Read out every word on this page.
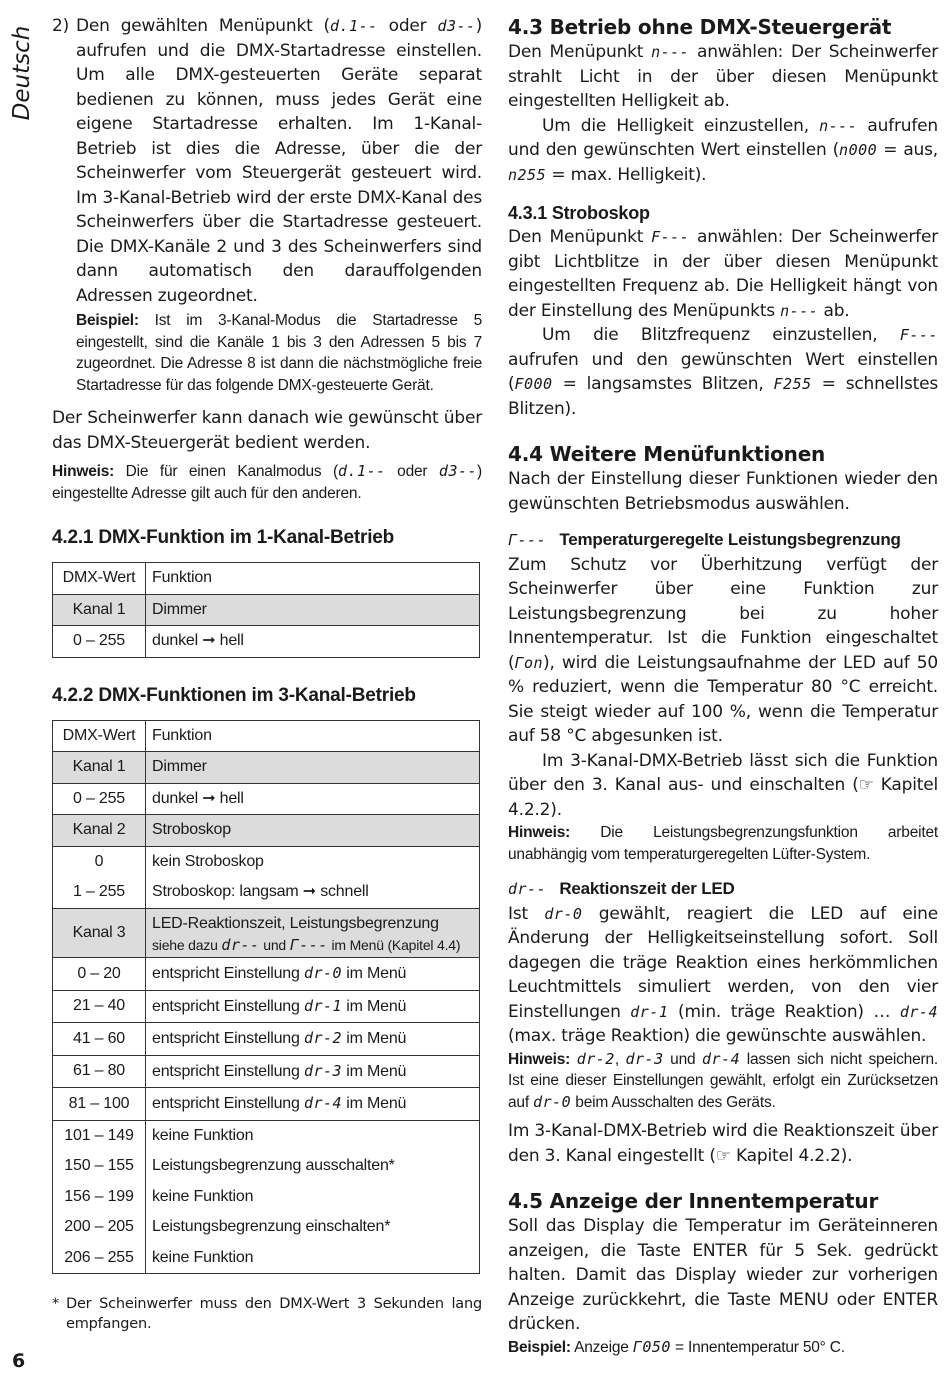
Deutsch
6
2) Den gewählten Menüpunkt (d.1-- oder d3--) aufrufen und die DMX-Startadresse einstellen. Um alle DMX-gesteuerten Geräte separat bedienen zu können, muss jedes Gerät eine eigene Startadresse erhalten. Im 1-Kanal-Betrieb ist dies die Adresse, über die der Scheinwerfer vom Steuergerät gesteuert wird. Im 3-Kanal-Betrieb wird der erste DMX-Kanal des Scheinwerfers über die Startadresse gesteuert. Die DMX-Kanäle 2 und 3 des Scheinwerfers sind dann automatisch den darauffolgenden Adressen zugeordnet.
Beispiel: Ist im 3-Kanal-Modus die Startadresse 5 eingestellt, sind die Kanäle 1 bis 3 den Adressen 5 bis 7 zugeordnet. Die Adresse 8 ist dann die nächstmögliche freie Startadresse für das folgende DMX-gesteuerte Gerät.

Der Scheinwerfer kann danach wie gewünscht über das DMX-Steuergerät bedient werden.

Hinweis: Die für einen Kanalmodus (d.1-- oder d3--) eingestellte Adresse gilt auch für den anderen.
4.2.1 DMX-Funktion im 1-Kanal-Betrieb
DMX-Wert	Funktion
Kanal 1	Dimmer
0 – 255	dunkel ➞ hell
4.2.2 DMX-Funktionen im 3-Kanal-Betrieb
DMX-Wert	Funktion
Kanal 1	Dimmer
0 – 255	dunkel ➞ hell
Kanal 2	Stroboskop
0	kein Stroboskop
1 – 255	Stroboskop: langsam ➞ schnell
Kanal 3	LED-Reaktionszeit, Leistungsbegrenzung
siehe dazu dr-- und Γ--- im Menü (Kapitel 4.4)

0 – 20	entspricht Einstellung dr-0 im Menü
21 – 40	entspricht Einstellung dr-1 im Menü
41 – 60	entspricht Einstellung dr-2 im Menü
61 – 80	entspricht Einstellung dr-3 im Menü
81 – 100	entspricht Einstellung dr-4 im Menü
101 – 149	keine Funktion
150 – 155	Leistungsbegrenzung ausschalten*
156 – 199	keine Funktion
200 – 205	Leistungsbegrenzung einschalten*
206 – 255	keine Funktion
* Der Scheinwerfer muss den DMX-Wert 3 Sekunden lang empfangen.
4.3 Betrieb ohne DMX-Steuergerät

Den Menüpunkt n--- anwählen: Der Scheinwerfer strahlt Licht in der über diesen Menüpunkt eingestellten Helligkeit ab.

Um die Helligkeit einzustellen, n--- aufrufen und den gewünschten Wert einstellen (n000 = aus, n255 = max. Helligkeit).

4.3.1 Stroboskop

Den Menüpunkt F--- anwählen: Der Scheinwerfer gibt Lichtblitze in der über diesen Menüpunkt eingestellten Frequenz ab. Die Helligkeit hängt von der Einstellung des Menüpunkts n--- ab.

Um die Blitzfrequenz einzustellen, F--- aufrufen und den gewünschten Wert einstellen (F000 = langsamstes Blitzen, F255 = schnellstes Blitzen).

4.4 Weitere Menüfunktionen

Nach der Einstellung dieser Funktionen wieder den gewünschten Betriebsmodus auswählen.

Γ--- Temperaturgeregelte Leistungsbegrenzung

Zum Schutz vor Überhitzung verfügt der Scheinwerfer über eine Funktion zur Leistungsbegrenzung bei zu hoher Innentemperatur. Ist die Funktion eingeschaltet (Γon), wird die Leistungsaufnahme der LED auf 50 % reduziert, wenn die Temperatur 80 °C erreicht. Sie steigt wieder auf 100 %, wenn die Temperatur auf 58 °C abgesunken ist.

Im 3-Kanal-DMX-Betrieb lässt sich die Funktion über den 3. Kanal aus- und einschalten (☞ Kapitel 4.2.2).

Hinweis: Die Leistungsbegrenzungsfunktion arbeitet unabhängig vom temperaturgeregelten Lüfter-System.
dr-- Reaktionszeit der LED

Ist dr-0 gewählt, reagiert die LED auf eine Änderung der Helligkeitseinstellung sofort. Soll dagegen die träge Reaktion eines herkömmlichen Leuchtmittels simuliert werden, von den vier Einstellungen dr-1 (min. träge Reaktion) … dr-4 (max. träge Reaktion) die gewünschte auswählen.

Hinweis: dr-2, dr-3 und dr-4 lassen sich nicht speichern. Ist eine dieser Einstellungen gewählt, erfolgt ein Zurücksetzen auf dr-0 beim Ausschalten des Geräts.

Im 3-Kanal-DMX-Betrieb wird die Reaktionszeit über den 3. Kanal eingestellt (☞ Kapitel 4.2.2).

4.5 Anzeige der Innentemperatur

Soll das Display die Temperatur im Geräteinneren anzeigen, die Taste ENTER für 5 Sek. gedrückt halten. Damit das Display wieder zur vorherigen Anzeige zurückkehrt, die Taste MENU oder ENTER drücken.

Beispiel: Anzeige Γ050 = Innentemperatur 50° C.
